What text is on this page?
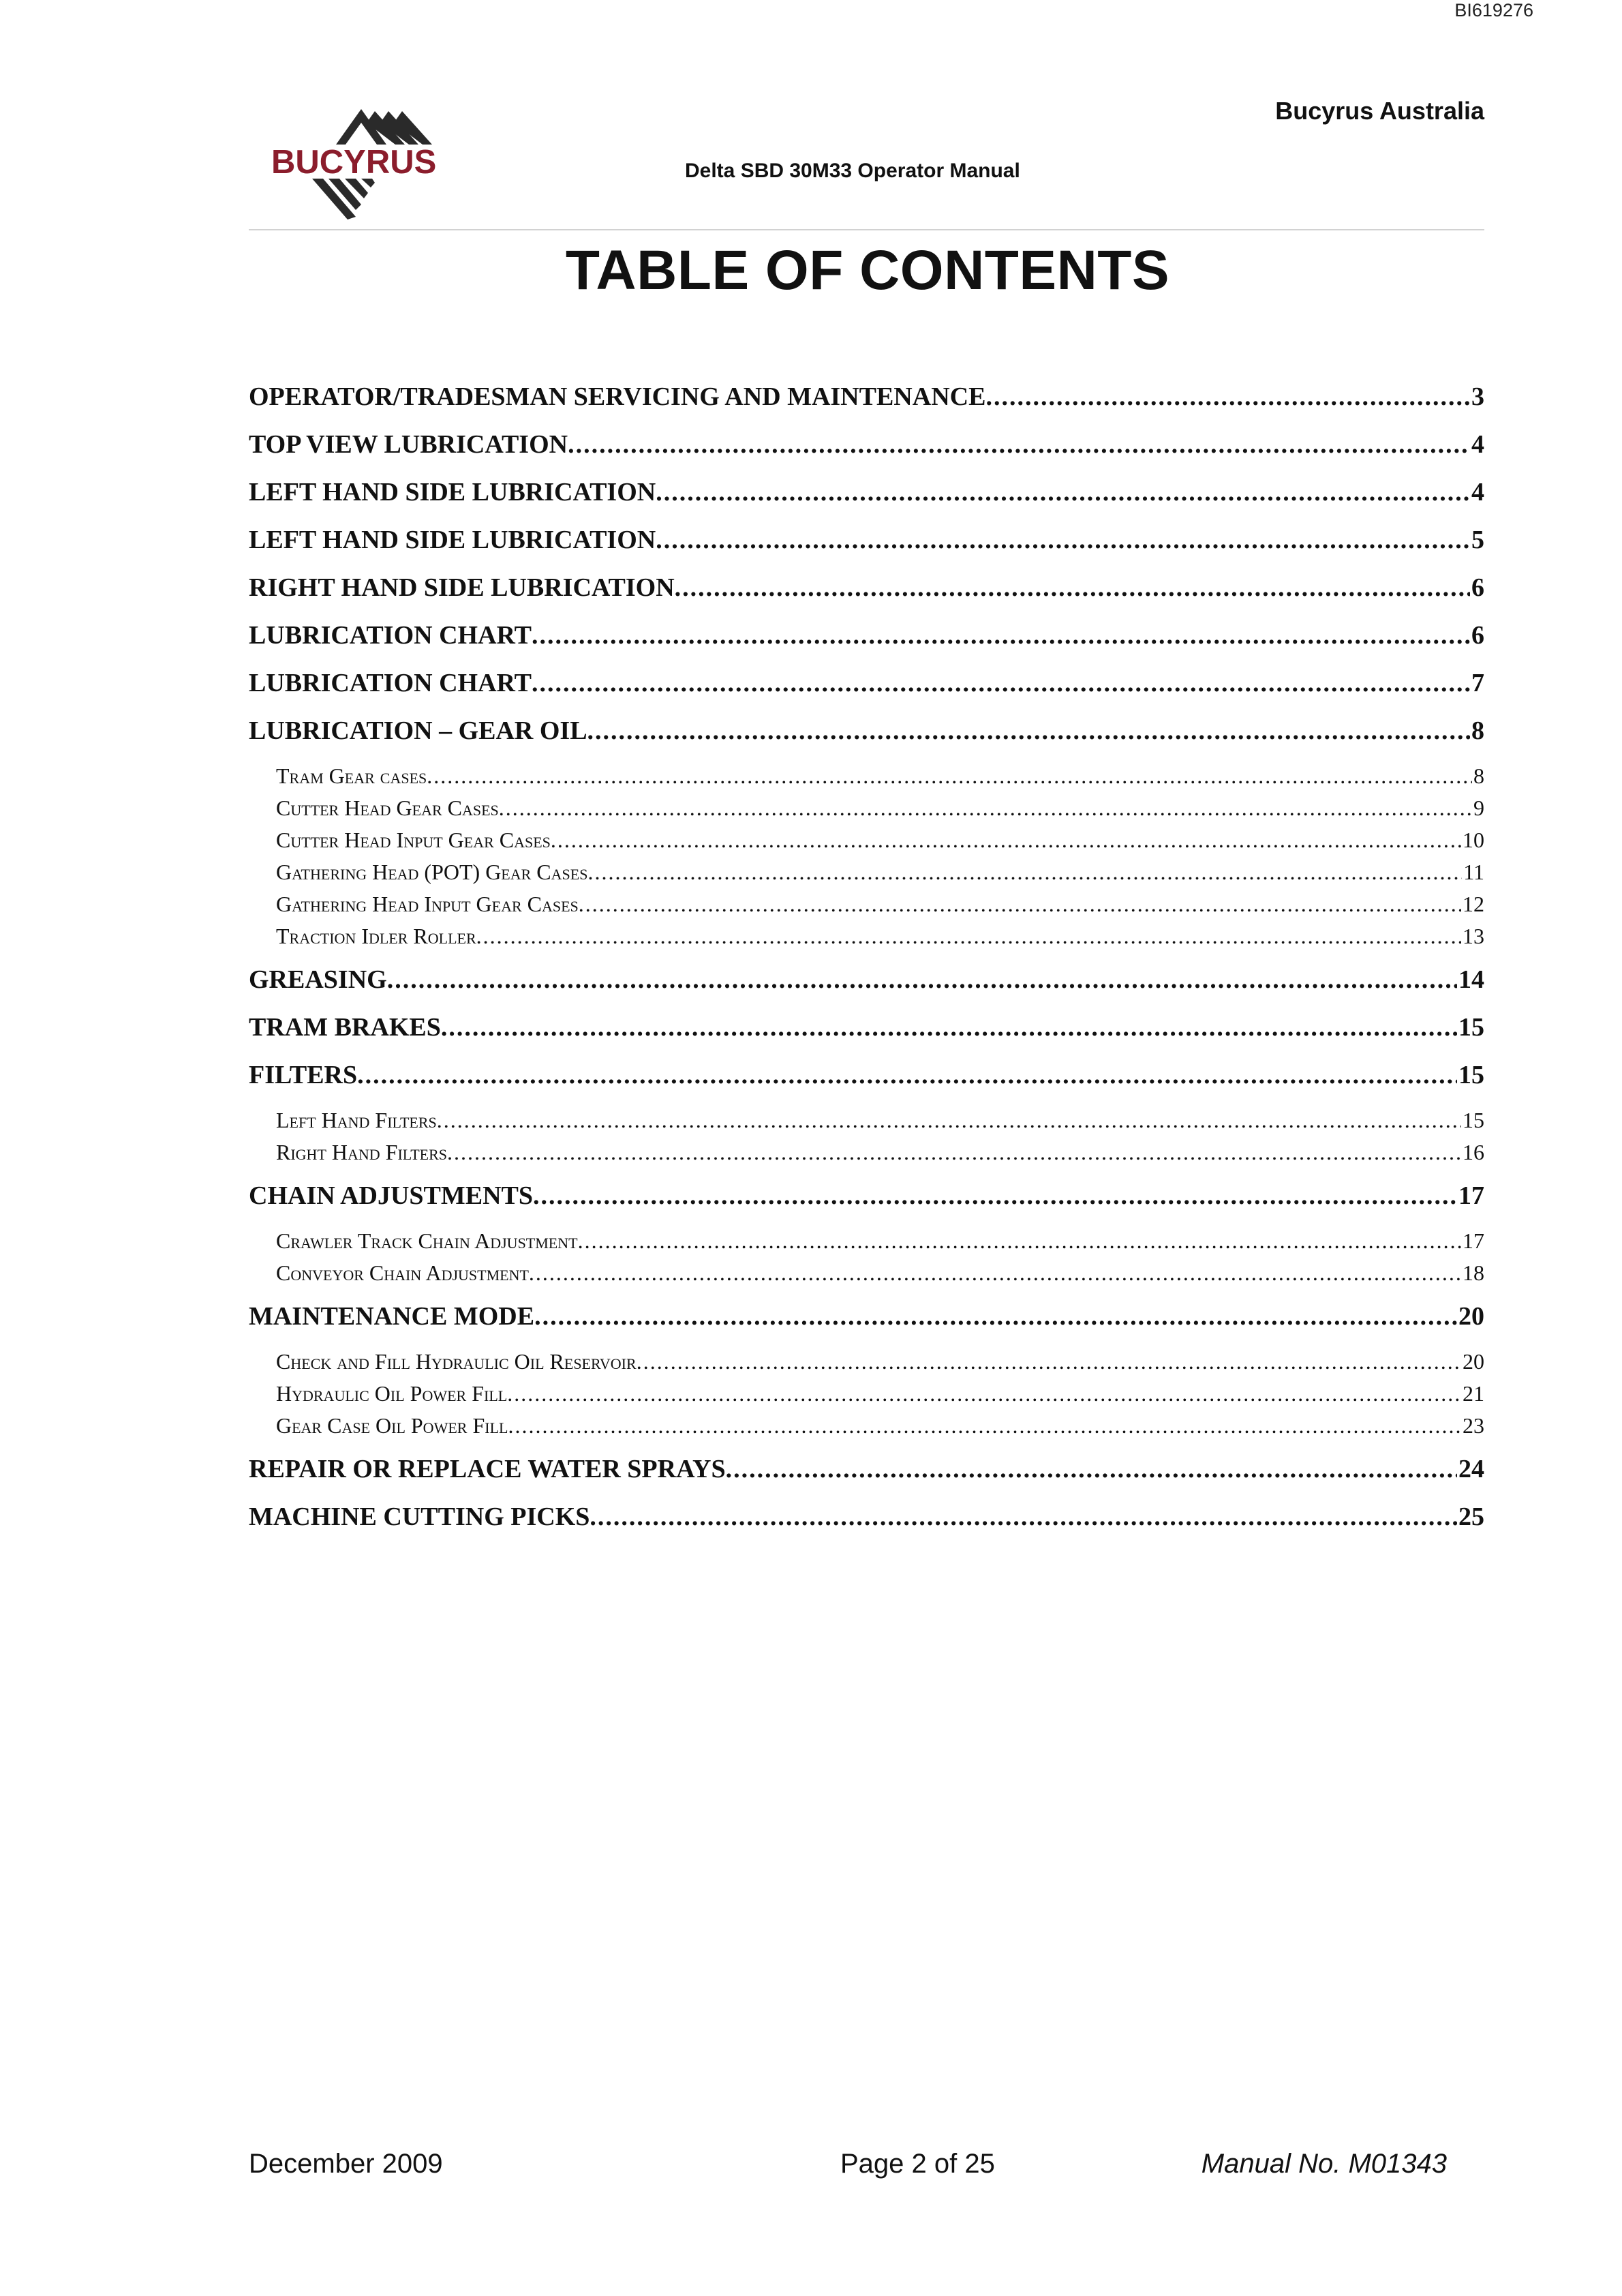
BI619276
BUCYRUS
Bucyrus Australia
Delta SBD 30M33 Operator Manual
TABLE OF CONTENTS
OPERATOR/TRADESMAN SERVICING AND MAINTENANCE .....	3
TOP VIEW LUBRICATION .....	4
LEFT HAND SIDE LUBRICATION .....	4
LEFT HAND SIDE LUBRICATION .....	5
RIGHT HAND SIDE LUBRICATION .....	6
LUBRICATION CHART .....	6
LUBRICATION CHART .....	7
LUBRICATION – GEAR OIL .....	8
Tram Gear cases .....	8
Cutter Head Gear Cases .....	9
Cutter Head Input Gear Cases .....	10
Gathering Head (POT) Gear Cases .....	11
Gathering Head Input Gear Cases .....	12
Traction Idler Roller .....	13
GREASING .....	14
TRAM BRAKES .....	15
FILTERS .....	15
Left Hand Filters .....	15
Right Hand Filters .....	16
CHAIN ADJUSTMENTS .....	17
Crawler Track Chain Adjustment .....	17
Conveyor Chain Adjustment .....	18
MAINTENANCE MODE .....	20
Check and Fill Hydraulic Oil Reservoir .....	20
Hydraulic Oil Power Fill .....	21
Gear Case Oil Power Fill .....	23
REPAIR OR REPLACE WATER SPRAYS .....	24
MACHINE CUTTING PICKS .....	25
December 2009	Page 2 of 25	Manual No. M01343
